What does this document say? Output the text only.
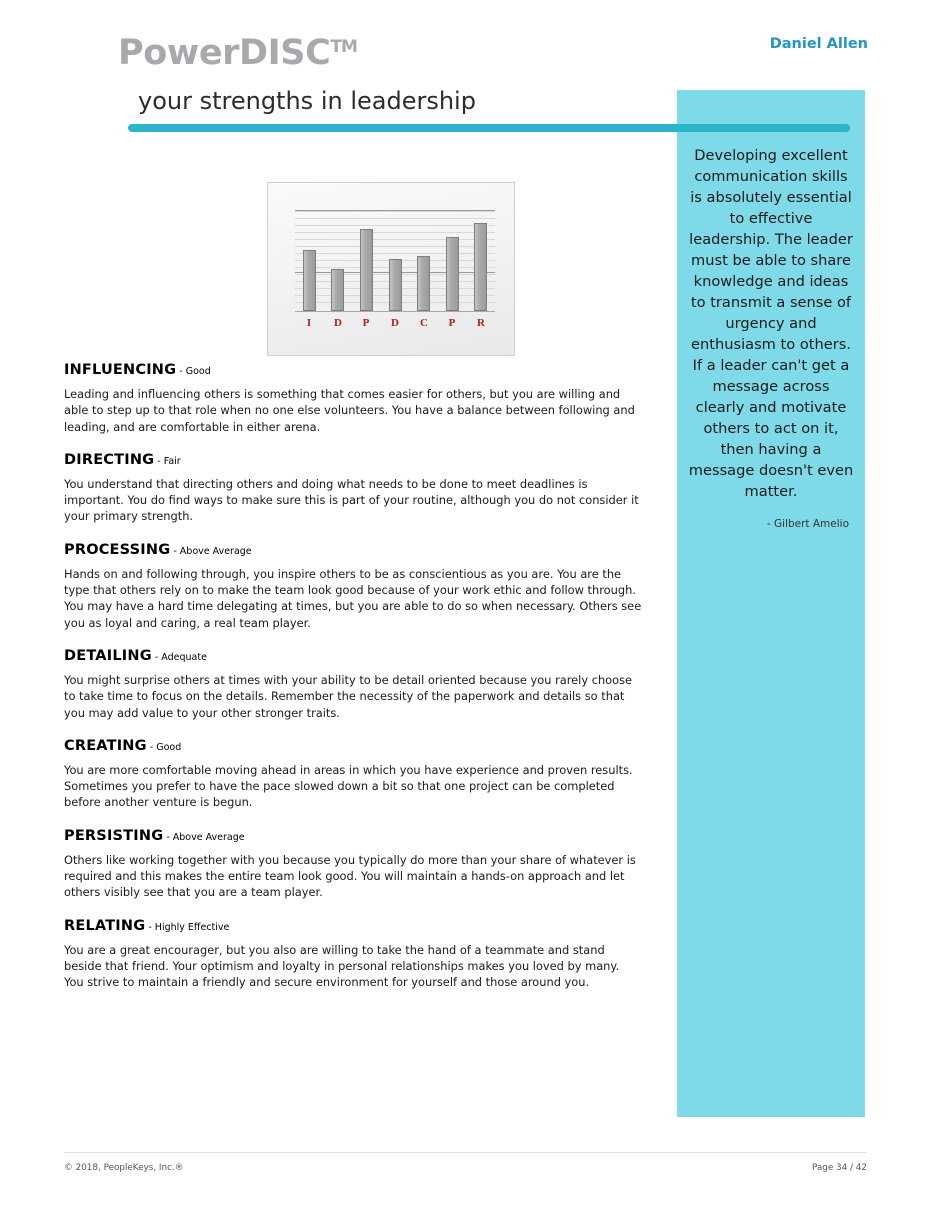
PowerDISC™
your strengths in leadership
Daniel Allen
Developing excellent communication skills is absolutely essential to effective leadership. The leader must be able to share knowledge and ideas to transmit a sense of urgency and enthusiasm to others. If a leader can't get a message across clearly and motivate others to act on it, then having a message doesn't even matter.
- Gilbert Amelio
I	D	P	D	C	P	R
INFLUENCING - Good

Leading and influencing others is something that comes easier for others, but you are willing and able to step up to that role when no one else volunteers. You have a balance between following and leading, and are comfortable in either arena.

DIRECTING - Fair

You understand that directing others and doing what needs to be done to meet deadlines is important. You do find ways to make sure this is part of your routine, although you do not consider it your primary strength.

PROCESSING - Above Average

Hands on and following through, you inspire others to be as conscientious as you are. You are the type that others rely on to make the team look good because of your work ethic and follow through. You may have a hard time delegating at times, but you are able to do so when necessary. Others see you as loyal and caring, a real team player.

DETAILING - Adequate

You might surprise others at times with your ability to be detail oriented because you rarely choose to take time to focus on the details. Remember the necessity of the paperwork and details so that you may add value to your other stronger traits.

CREATING - Good

You are more comfortable moving ahead in areas in which you have experience and proven results. Sometimes you prefer to have the pace slowed down a bit so that one project can be completed before another venture is begun.

PERSISTING - Above Average

Others like working together with you because you typically do more than your share of whatever is required and this makes the entire team look good. You will maintain a hands-on approach and let others visibly see that you are a team player.

RELATING - Highly Effective

You are a great encourager, but you also are willing to take the hand of a teammate and stand beside that friend. Your optimism and loyalty in personal relationships makes you loved by many. You strive to maintain a friendly and secure environment for yourself and those around you.

© 2018, PeopleKeys, Inc.®	Page 34 / 42
